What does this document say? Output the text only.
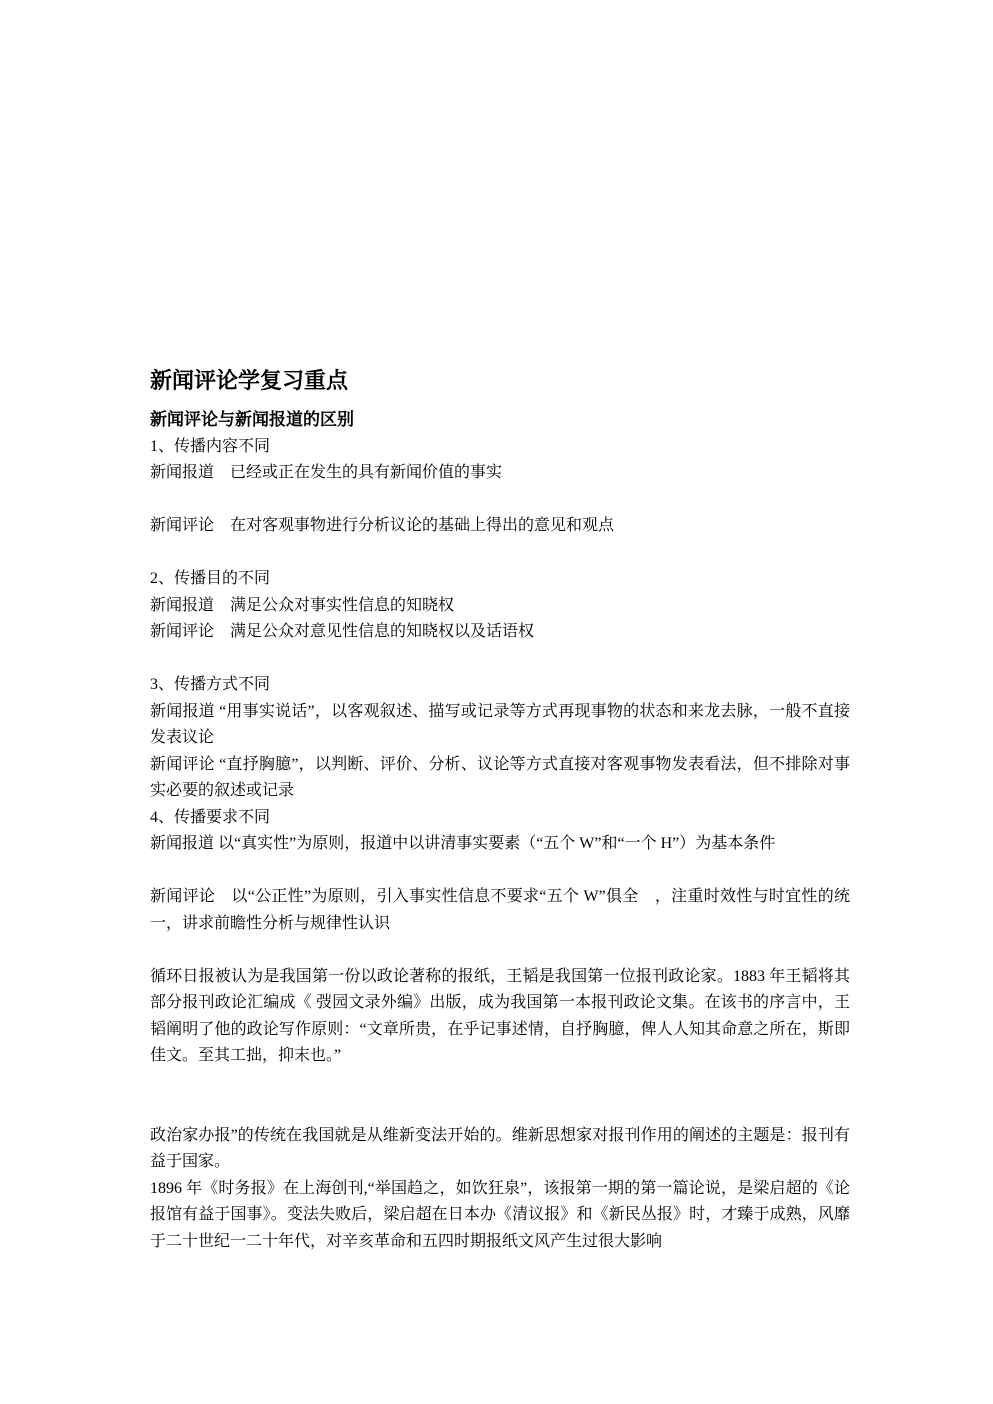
新闻评论学复习重点
新闻评论与新闻报道的区别

1、传播内容不同

新闻报道　已经或正在发生的具有新闻价值的事实

新闻评论　在对客观事物进行分析议论的基础上得出的意见和观点

2、传播目的不同

新闻报道　满足公众对事实性信息的知晓权

新闻评论　满足公众对意见性信息的知晓权以及话语权

3、传播方式不同

新闻报道 “用事实说话”，以客观叙述、描写或记录等方式再现事物的状态和来龙去脉，一般不直接发表议论

新闻评论 “直抒胸臆”，以判断、评价、分析、议论等方式直接对客观事物发表看法，但不排除对事实必要的叙述或记录

4、传播要求不同

新闻报道 以“真实性”为原则，报道中以讲清事实要素（“五个 W”和“一个 H”）为基本条件

新闻评论　以“公正性”为原则，引入事实性信息不要求“五个 W”俱全　，注重时效性与时宜性的统一，讲求前瞻性分析与规律性认识

循环日报被认为是我国第一份以政论著称的报纸，王韬是我国第一位报刊政论家。1883 年王韬将其部分报刊政论汇编成《 弢园文录外编》出版，成为我国第一本报刊政论文集。在该书的序言中，王韬阐明了他的政论写作原则：“文章所贵，在乎记事述情，自抒胸臆，俾人人知其命意之所在，斯即佳文。至其工拙，抑末也。”

政治家办报”的传统在我国就是从维新变法开始的。维新思想家对报刊作用的阐述的主题是：报刊有益于国家。

1896 年《时务报》在上海创刊,“举国趋之，如饮狂泉”，该报第一期的第一篇论说，是梁启超的《论报馆有益于国事》。变法失败后，梁启超在日本办《清议报》和《新民丛报》时，才臻于成熟，风靡于二十世纪一二十年代，对辛亥革命和五四时期报纸文风产生过很大影响
